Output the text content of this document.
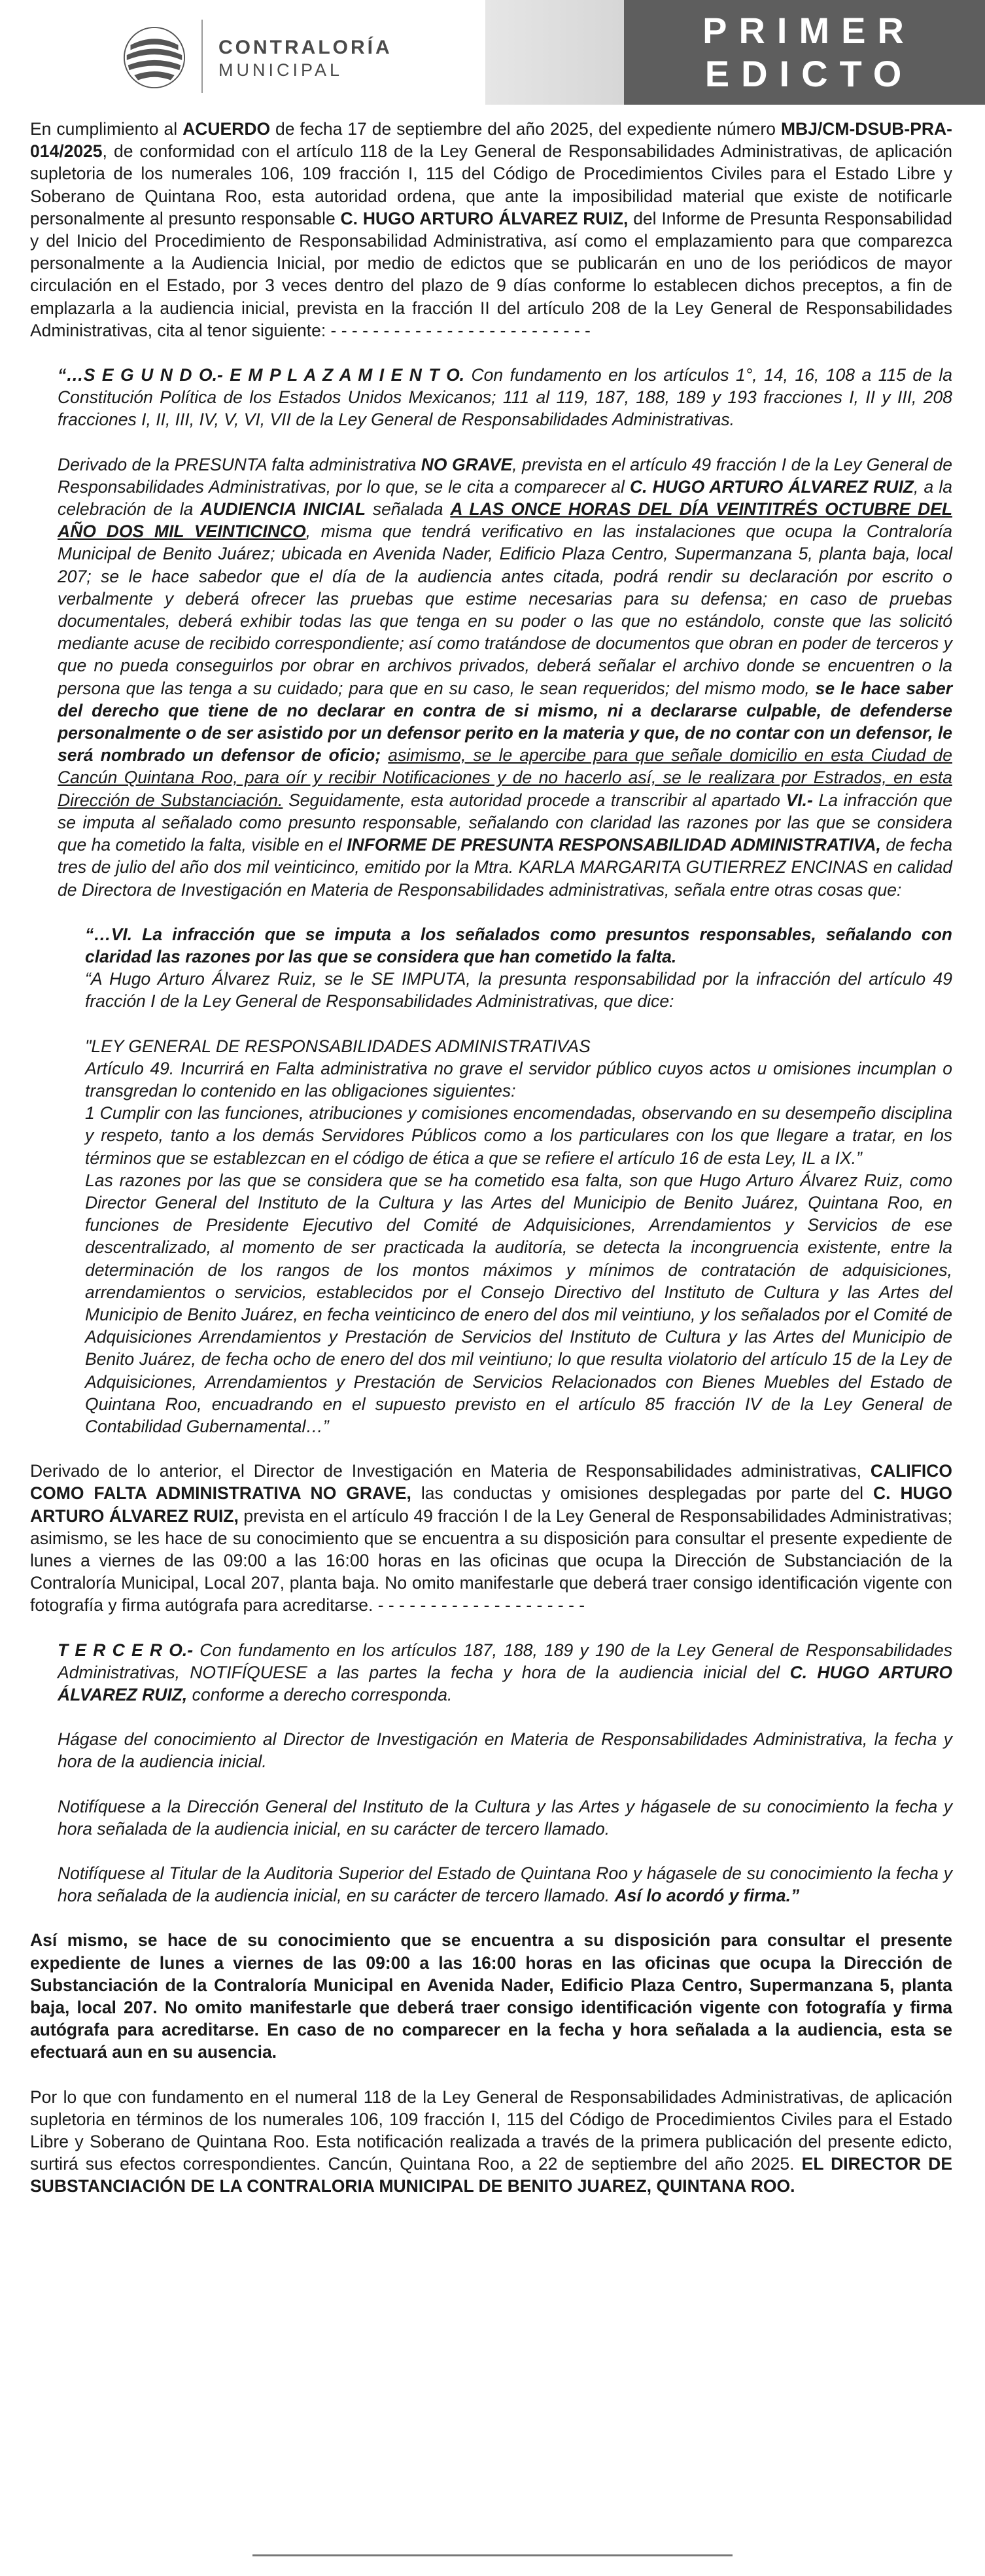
CONTRALORÍA
MUNICIPAL
PRIMER
EDICTO

En cumplimiento al ACUERDO de fecha 17 de septiembre del año 2025, del expediente número MBJ/CM-DSUB-PRA-014/2025, de conformidad con el artículo 118 de la Ley General de Responsabilidades Administrativas, de aplicación supletoria de los numerales 106, 109 fracción I, 115 del Código de Procedimientos Civiles para el Estado Libre y Soberano de Quintana Roo, esta autoridad ordena, que ante la imposibilidad material que existe de notificarle personalmente al presunto responsable C. HUGO ARTURO ÁLVAREZ RUIZ, del Informe de Presunta Responsabilidad y del Inicio del Procedimiento de Responsabilidad Administrativa, así como el emplazamiento para que comparezca personalmente a la Audiencia Inicial, por medio de edictos que se publicarán en uno de los periódicos de mayor circulación en el Estado, por 3 veces dentro del plazo de 9 días conforme lo establecen dichos preceptos, a fin de emplazarla a la audiencia inicial, prevista en la fracción II del artículo 208 de la Ley General de Responsabilidades Administrativas, cita al tenor siguiente: - - - - - - - - - - - - - - - - - - - - - - - - -

“…S E G U N D O.- E M P L A Z A M I E N T O. Con fundamento en los artículos 1°, 14, 16, 108 a 115 de la Constitución Política de los Estados Unidos Mexicanos; 111 al 119, 187, 188, 189 y 193 fracciones I, II y III, 208 fracciones I, II, III, IV, V, VI, VII de la Ley General de Responsabilidades Administrativas.

Derivado de la PRESUNTA falta administrativa NO GRAVE, prevista en el artículo 49 fracción I de la Ley General de Responsabilidades Administrativas, por lo que, se le cita a comparecer al C. HUGO ARTURO ÁLVAREZ RUIZ, a la celebración de la AUDIENCIA INICIAL señalada A LAS ONCE HORAS DEL DÍA VEINTITRÉS OCTUBRE DEL AÑO DOS MIL VEINTICINCO, misma que tendrá verificativo en las instalaciones que ocupa la Contraloría Municipal de Benito Juárez; ubicada en Avenida Nader, Edificio Plaza Centro, Supermanzana 5, planta baja, local 207; se le hace sabedor que el día de la audiencia antes citada, podrá rendir su declaración por escrito o verbalmente y deberá ofrecer las pruebas que estime necesarias para su defensa; en caso de pruebas documentales, deberá exhibir todas las que tenga en su poder o las que no estándolo, conste que las solicitó mediante acuse de recibido correspondiente; así como tratándose de documentos que obran en poder de terceros y que no pueda conseguirlos por obrar en archivos privados, deberá señalar el archivo donde se encuentren o la persona que las tenga a su cuidado; para que en su caso, le sean requeridos; del mismo modo, se le hace saber del derecho que tiene de no declarar en contra de si mismo, ni a declararse culpable, de defenderse personalmente o de ser asistido por un defensor perito en la materia y que, de no contar con un defensor, le será nombrado un defensor de oficio; asimismo, se le apercibe para que señale domicilio en esta Ciudad de Cancún Quintana Roo, para oír y recibir Notificaciones y de no hacerlo así, se le realizara por Estrados, en esta Dirección de Substanciación. Seguidamente, esta autoridad procede a transcribir al apartado VI.- La infracción que se imputa al señalado como presunto responsable, señalando con claridad las razones por las que se considera que ha cometido la falta, visible en el INFORME DE PRESUNTA RESPONSABILIDAD ADMINISTRATIVA, de fecha tres de julio del año dos mil veinticinco, emitido por la Mtra. KARLA MARGARITA GUTIERREZ ENCINAS en calidad de Directora de Investigación en Materia de Responsabilidades administrativas, señala entre otras cosas que:

“…VI. La infracción que se imputa a los señalados como presuntos responsables, señalando con claridad las razones por las que se considera que han cometido la falta.
“A Hugo Arturo Álvarez Ruiz, se le SE IMPUTA, la presunta responsabilidad por la infracción del artículo 49 fracción I de la Ley General de Responsabilidades Administrativas, que dice:

"LEY GENERAL DE RESPONSABILIDADES ADMINISTRATIVAS
Artículo 49. Incurrirá en Falta administrativa no grave el servidor público cuyos actos u omisiones incumplan o transgredan lo contenido en las obligaciones siguientes:
1 Cumplir con las funciones, atribuciones y comisiones encomendadas, observando en su desempeño disciplina y respeto, tanto a los demás Servidores Públicos como a los particulares con los que llegare a tratar, en los términos que se establezcan en el código de ética a que se refiere el artículo 16 de esta Ley, IL a IX.”
Las razones por las que se considera que se ha cometido esa falta, son que Hugo Arturo Álvarez Ruiz, como Director General del Instituto de la Cultura y las Artes del Municipio de Benito Juárez, Quintana Roo, en funciones de Presidente Ejecutivo del Comité de Adquisiciones, Arrendamientos y Servicios de ese descentralizado, al momento de ser practicada la auditoría, se detecta la incongruencia existente, entre la determinación de los rangos de los montos máximos y mínimos de contratación de adquisiciones, arrendamientos o servicios, establecidos por el Consejo Directivo del Instituto de Cultura y las Artes del Municipio de Benito Juárez, en fecha veinticinco de enero del dos mil veintiuno, y los señalados por el Comité de Adquisiciones Arrendamientos y Prestación de Servicios del Instituto de Cultura y las Artes del Municipio de Benito Juárez, de fecha ocho de enero del dos mil veintiuno; lo que resulta violatorio del artículo 15 de la Ley de Adquisiciones, Arrendamientos y Prestación de Servicios Relacionados con Bienes Muebles del Estado de Quintana Roo, encuadrando en el supuesto previsto en el artículo 85 fracción IV de la Ley General de Contabilidad Gubernamental…”

Derivado de lo anterior, el Director de Investigación en Materia de Responsabilidades administrativas, CALIFICO COMO FALTA ADMINISTRATIVA NO GRAVE, las conductas y omisiones desplegadas por parte del C. HUGO ARTURO ÁLVAREZ RUIZ, prevista en el artículo 49 fracción I de la Ley General de Responsabilidades Administrativas; asimismo, se les hace de su conocimiento que se encuentra a su disposición para consultar el presente expediente de lunes a viernes de las 09:00 a las 16:00 horas en las oficinas que ocupa la Dirección de Substanciación de la Contraloría Municipal, Local 207, planta baja. No omito manifestarle que deberá traer consigo identificación vigente con fotografía y firma autógrafa para acreditarse. - - - - - - - - - - - - - - - - - - - -

T E R C E R O.- Con fundamento en los artículos 187, 188, 189 y 190 de la Ley General de Responsabilidades Administrativas, NOTIFÍQUESE a las partes la fecha y hora de la audiencia inicial del C. HUGO ARTURO ÁLVAREZ RUIZ, conforme a derecho corresponda.

Hágase del conocimiento al Director de Investigación en Materia de Responsabilidades Administrativa, la fecha y hora de la audiencia inicial.

Notifíquese a la Dirección General del Instituto de la Cultura y las Artes y hágasele de su conocimiento la fecha y hora señalada de la audiencia inicial, en su carácter de tercero llamado.

Notifíquese al Titular de la Auditoria Superior del Estado de Quintana Roo y hágasele de su conocimiento la fecha y hora señalada de la audiencia inicial, en su carácter de tercero llamado. Así lo acordó y firma.”

Así mismo, se hace de su conocimiento que se encuentra a su disposición para consultar el presente expediente de lunes a viernes de las 09:00 a las 16:00 horas en las oficinas que ocupa la Dirección de Substanciación de la Contraloría Municipal en Avenida Nader, Edificio Plaza Centro, Supermanzana 5, planta baja, local 207. No omito manifestarle que deberá traer consigo identificación vigente con fotografía y firma autógrafa para acreditarse. En caso de no comparecer en la fecha y hora señalada a la audiencia, esta se efectuará aun en su ausencia.

Por lo que con fundamento en el numeral 118 de la Ley General de Responsabilidades Administrativas, de aplicación supletoria en términos de los numerales 106, 109 fracción I, 115 del Código de Procedimientos Civiles para el Estado Libre y Soberano de Quintana Roo. Esta notificación realizada a través de la primera publicación del presente edicto, surtirá sus efectos correspondientes. Cancún, Quintana Roo, a 22 de septiembre del año 2025. EL DIRECTOR DE SUBSTANCIACIÓN DE LA CONTRALORIA MUNICIPAL DE BENITO JUAREZ, QUINTANA ROO.
